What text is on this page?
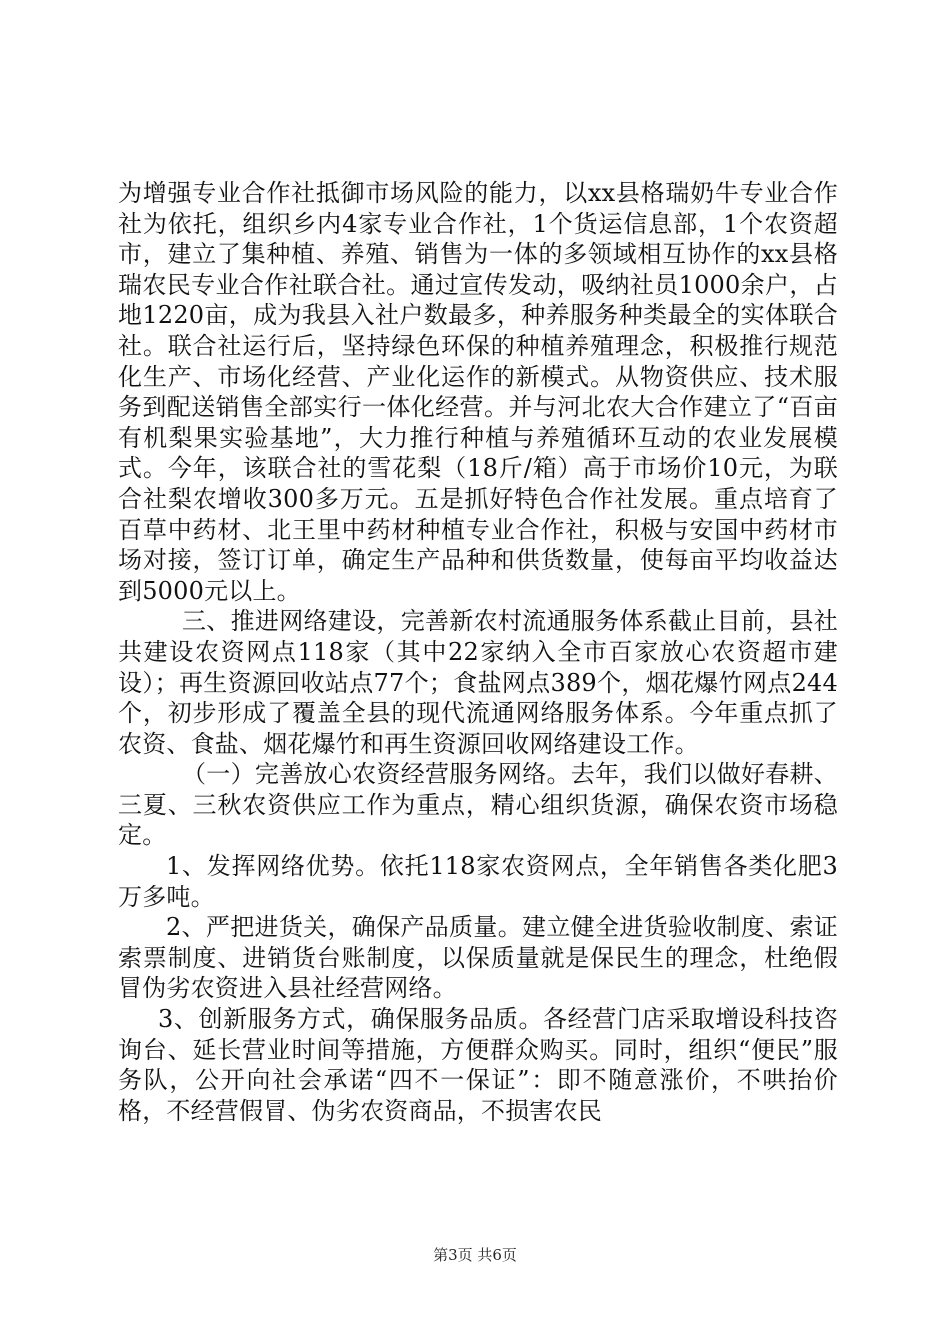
为增强专业合作社抵御市场风险的能力，以xx县格瑞奶牛专业合作社为依托，组织乡内4家专业合作社，1个货运信息部，1个农资超市，建立了集种植、养殖、销售为一体的多领域相互协作的xx县格瑞农民专业合作社联合社。通过宣传发动，吸纳社员1000余户，占地1220亩，成为我县入社户数最多，种养服务种类最全的实体联合社。联合社运行后，坚持绿色环保的种植养殖理念，积极推行规范化生产、市场化经营、产业化运作的新模式。从物资供应、技术服务到配送销售全部实行一体化经营。并与河北农大合作建立了“百亩有机梨果实验基地”，大力推行种植与养殖循环互动的农业发展模式。今年，该联合社的雪花梨（18斤/箱）高于市场价10元，为联合社梨农增收300多万元。五是抓好特色合作社发展。重点培育了百草中药材、北王里中药材种植专业合作社，积极与安国中药材市场对接，签订订单，确定生产品种和供货数量，使每亩平均收益达到5000元以上。

三、推进网络建设，完善新农村流通服务体系截止目前，县社共建设农资网点118家（其中22家纳入全市百家放心农资超市建设）；再生资源回收站点77个；食盐网点389个，烟花爆竹网点244个，初步形成了覆盖全县的现代流通网络服务体系。今年重点抓了农资、食盐、烟花爆竹和再生资源回收网络建设工作。

（一）完善放心农资经营服务网络。去年，我们以做好春耕、三夏、三秋农资供应工作为重点，精心组织货源，确保农资市场稳定。

1、发挥网络优势。依托118家农资网点，全年销售各类化肥3万多吨。

2、严把进货关，确保产品质量。建立健全进货验收制度、索证索票制度、进销货台账制度，以保质量就是保民生的理念，杜绝假冒伪劣农资进入县社经营网络。

3、创新服务方式，确保服务品质。各经营门店采取增设科技咨询台、延长营业时间等措施，方便群众购买。同时，组织“便民”服务队，公开向社会承诺“四不一保证”：即不随意涨价，不哄抬价格，不经营假冒、伪劣农资商品，不损害农民

第3页 共6页
